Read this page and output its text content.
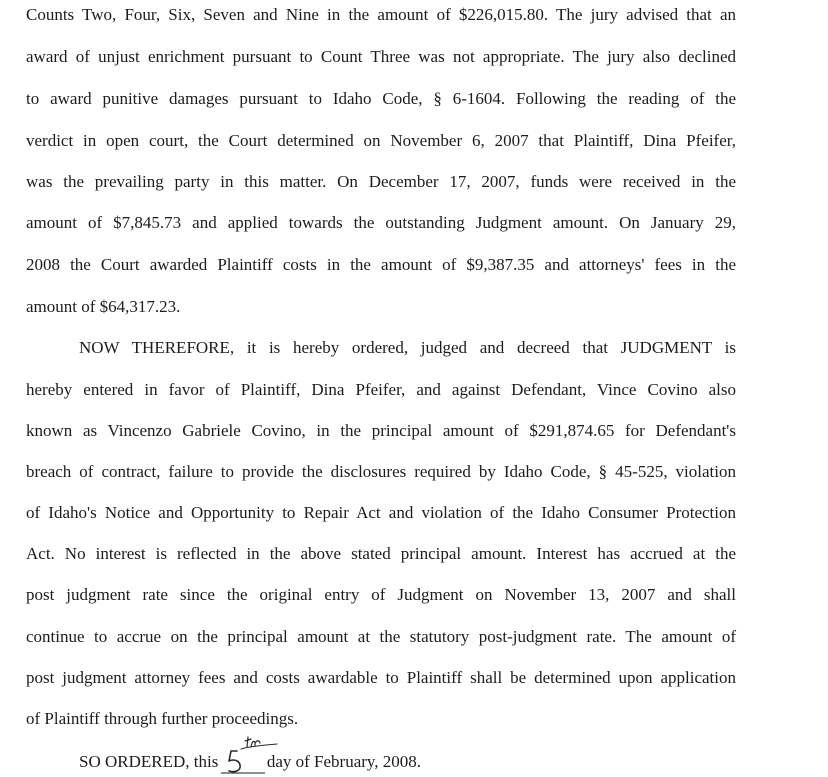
Counts Two, Four, Six, Seven and Nine in the amount of $226,015.80. The jury advised that an
award of unjust enrichment pursuant to Count Three was not appropriate. The jury also declined
to award punitive damages pursuant to Idaho Code, § 6-1604. Following the reading of the
verdict in open court, the Court determined on November 6, 2007 that Plaintiff, Dina Pfeifer,
was the prevailing party in this matter. On December 17, 2007, funds were received in the
amount of $7,845.73 and applied towards the outstanding Judgment amount. On January 29,
2008 the Court awarded Plaintiff costs in the amount of $9,387.35 and attorneys' fees in the
amount of $64,317.23.
NOW THEREFORE, it is hereby ordered, judged and decreed that JUDGMENT is
hereby entered in favor of Plaintiff, Dina Pfeifer, and against Defendant, Vince Covino also
known as Vincenzo Gabriele Covino, in the principal amount of $291,874.65 for Defendant's
breach of contract, failure to provide the disclosures required by Idaho Code, § 45-525, violation
of Idaho's Notice and Opportunity to Repair Act and violation of the Idaho Consumer Protection
Act. No interest is reflected in the above stated principal amount. Interest has accrued at the
post judgment rate since the original entry of Judgment on November 13, 2007 and shall
continue to accrue on the principal amount at the statutory post-judgment rate. The amount of
post judgment attorney fees and costs awardable to Plaintiff shall be determined upon application
of Plaintiff through further proceedings.
SO ORDERED, this	day of February, 2008.
